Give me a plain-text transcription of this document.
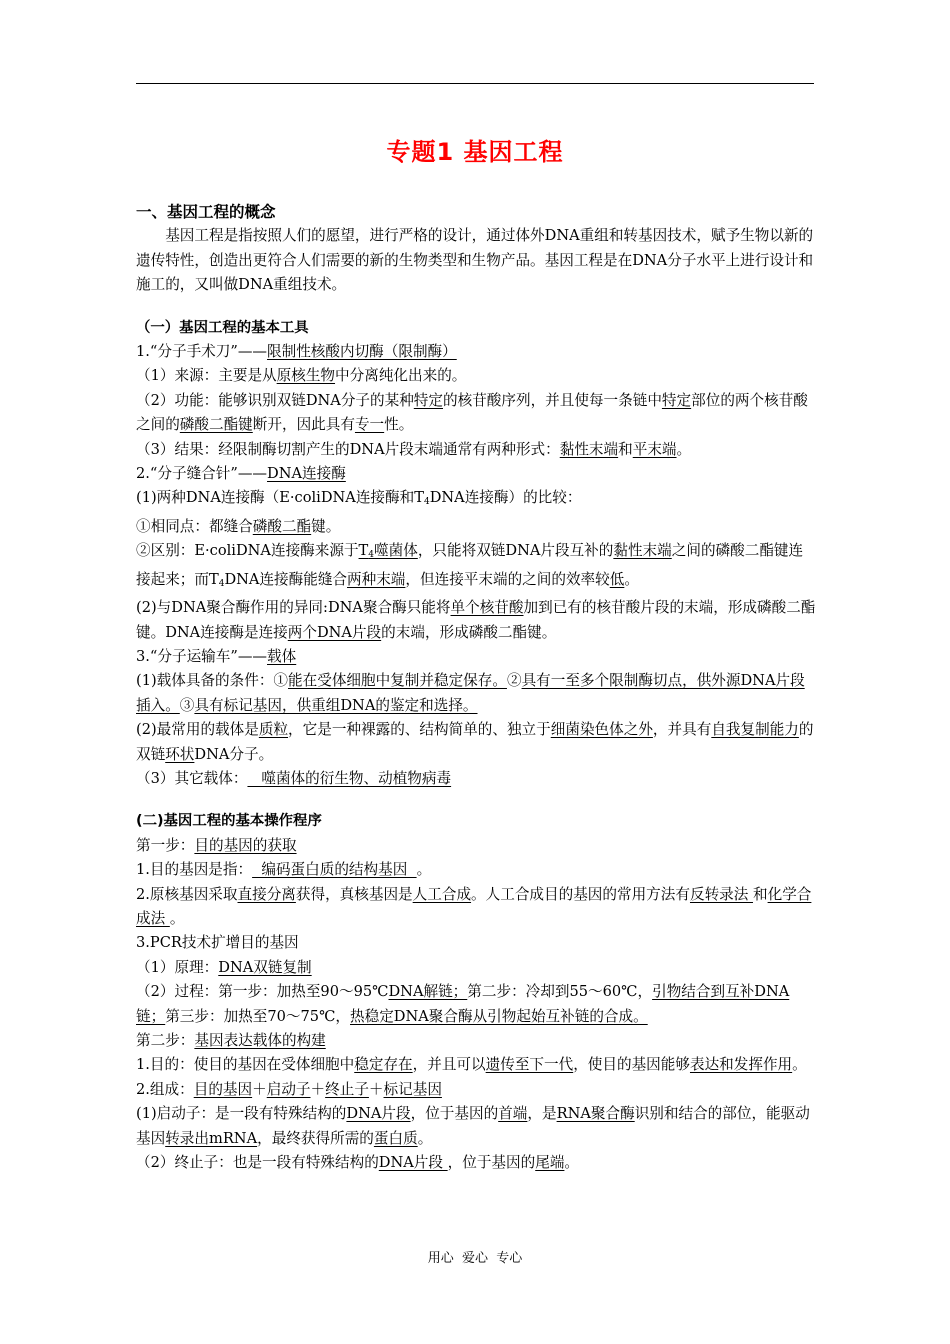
专题1 基因工程

一、基因工程的概念

基因工程是指按照人们的愿望，进行严格的设计，通过体外DNA重组和转基因技术，赋予生物以新的遗传特性，创造出更符合人们需要的新的生物类型和生物产品。基因工程是在DNA分子水平上进行设计和施工的，又叫做DNA重组技术。

（一）基因工程的基本工具

1.“分子手术刀”——限制性核酸内切酶（限制酶）

（1）来源：主要是从原核生物中分离纯化出来的。

（2）功能：能够识别双链DNA分子的某种特定的核苷酸序列，并且使每一条链中特定部位的两个核苷酸之间的磷酸二酯键断开，因此具有专一性。

（3）结果：经限制酶切割产生的DNA片段末端通常有两种形式：黏性末端和平末端。

2.“分子缝合针”——DNA连接酶

(1)两种DNA连接酶（E·coliDNA连接酶和$T_4DNA$连接酶）的比较：

①相同点：都缝合磷酸二酯键。

②区别：E·coliDNA连接酶来源于$T_4$噬菌体，只能将双链DNA片段互补的黏性末端之间的磷酸二酯键连接起来；而$T_4DNA$连接酶能缝合两种末端，但连接平末端的之间的效率较低。

(2)与DNA聚合酶作用的异同:DNA聚合酶只能将单个核苷酸加到已有的核苷酸片段的末端，形成磷酸二酯键。DNA连接酶是连接两个DNA片段的末端，形成磷酸二酯键。

3.“分子运输车”——载体

(1)载体具备的条件：①能在受体细胞中复制并稳定保存。②具有一至多个限制酶切点，供外源DNA片段插入。③具有标记基因，供重组DNA的鉴定和选择。

(2)最常用的载体是质粒，它是一种裸露的、结构简单的、独立于细菌染色体之外，并具有自我复制能力的双链环状DNA分子。

（3）其它载体：   噬菌体的衍生物、动植物病毒

(二)基因工程的基本操作程序

第一步：目的基因的获取

1.目的基因是指：  编码蛋白质的结构基因  。

2.原核基因采取直接分离获得，真核基因是人工合成。人工合成目的基因的常用方法有反转录法 和化学合成法 。

3.PCR技术扩增目的基因

（1）原理：DNA双链复制

（2）过程：第一步：加热至90～95℃DNA解链；第二步：冷却到55～60℃，引物结合到互补DNA链；第三步：加热至70～75℃，热稳定DNA聚合酶从引物起始互补链的合成。

第二步：基因表达载体的构建

1.目的：使目的基因在受体细胞中稳定存在，并且可以遗传至下一代，使目的基因能够表达和发挥作用。

2.组成：目的基因＋启动子＋终止子＋标记基因

(1)启动子：是一段有特殊结构的DNA片段，位于基因的首端，是RNA聚合酶识别和结合的部位，能驱动基因转录出mRNA，最终获得所需的蛋白质。

（2）终止子：也是一段有特殊结构的DNA片段 ，位于基因的尾端。

用心  爱心  专心
